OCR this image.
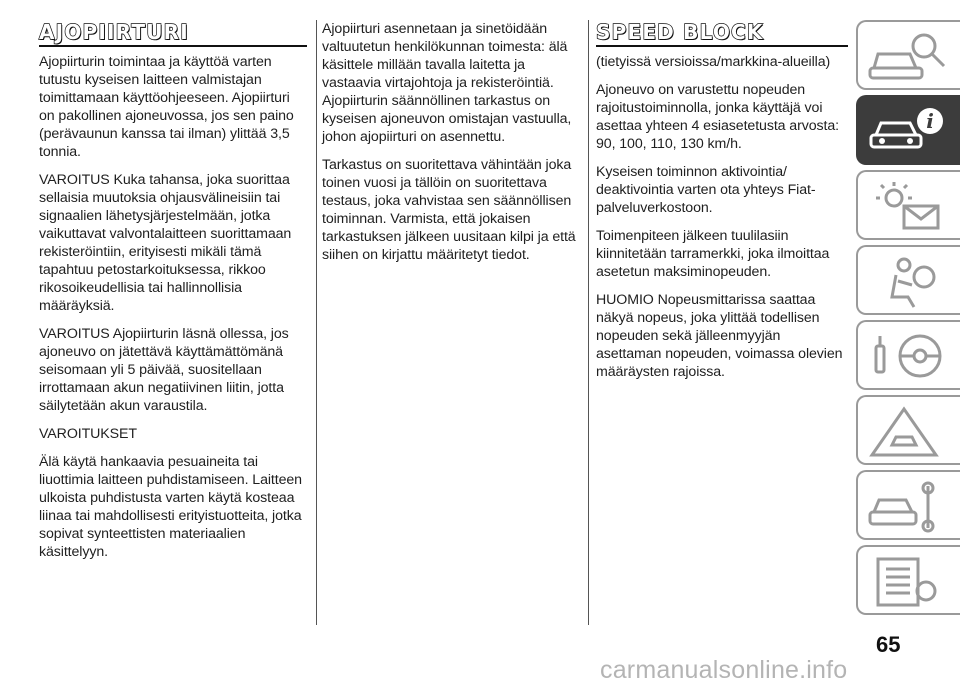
AJOPIIRTURI

Ajopiirturin toimintaa ja käyttöä varten tutustu kyseisen laitteen valmistajan toimittamaan käyttöohjeeseen. Ajopiirturi on pakollinen ajoneuvossa, jos sen paino (perävaunun kanssa tai ilman) ylittää 3,5 tonnia.

VAROITUS Kuka tahansa, joka suorittaa sellaisia muutoksia ohjausvälineisiin tai signaalien lähetysjärjestelmään, jotka vaikuttavat valvontalaitteen suorittamaan rekisteröintiin, erityisesti mikäli tämä tapahtuu petostarkoituksessa, rikkoo rikosoikeudellisia tai hallinnollisia määräyksiä.

VAROITUS Ajopiirturin läsnä ollessa, jos ajoneuvo on jätettävä käyttämättömänä seisomaan yli 5 päivää, suositellaan irrottamaan akun negatiivinen liitin, jotta säilytetään akun varaustila.

VAROITUKSET

Älä käytä hankaavia pesuaineita tai liuottimia laitteen puhdistamiseen. Laitteen ulkoista puhdistusta varten käytä kosteaa liinaa tai mahdollisesti erityistuotteita, jotka sopivat synteettisten materiaalien käsittelyyn.

Ajopiirturi asennetaan ja sinetöidään valtuutetun henkilökunnan toimesta: älä käsittele millään tavalla laitetta ja vastaavia virtajohtoja ja rekisteröintiä. Ajopiirturin säännöllinen tarkastus on kyseisen ajoneuvon omistajan vastuulla, johon ajopiirturi on asennettu.

Tarkastus on suoritettava vähintään joka toinen vuosi ja tällöin on suoritettava testaus, joka vahvistaa sen säännöllisen toiminnan. Varmista, että jokaisen tarkastuksen jälkeen uusitaan kilpi ja että siihen on kirjattu määritetyt tiedot.

SPEED BLOCK

(tietyissä versioissa/markkina-alueilla)

Ajoneuvo on varustettu nopeuden rajoitustoiminnolla, jonka käyttäjä voi asettaa yhteen 4 esiasetetusta arvosta: 90, 100, 110, 130 km/h.

Kyseisen toiminnon aktivointia/ deaktivointia varten ota yhteys Fiat-palveluverkostoon.

Toimenpiteen jälkeen tuulilasiin kiinnitetään tarramerkki, joka ilmoittaa asetetun maksiminopeuden.

HUOMIO Nopeusmittarissa saattaa näkyä nopeus, joka ylittää todellisen nopeuden sekä jälleenmyyjän asettaman nopeuden, voimassa olevien määräysten rajoissa.

i
65
carmanualsonline.info
